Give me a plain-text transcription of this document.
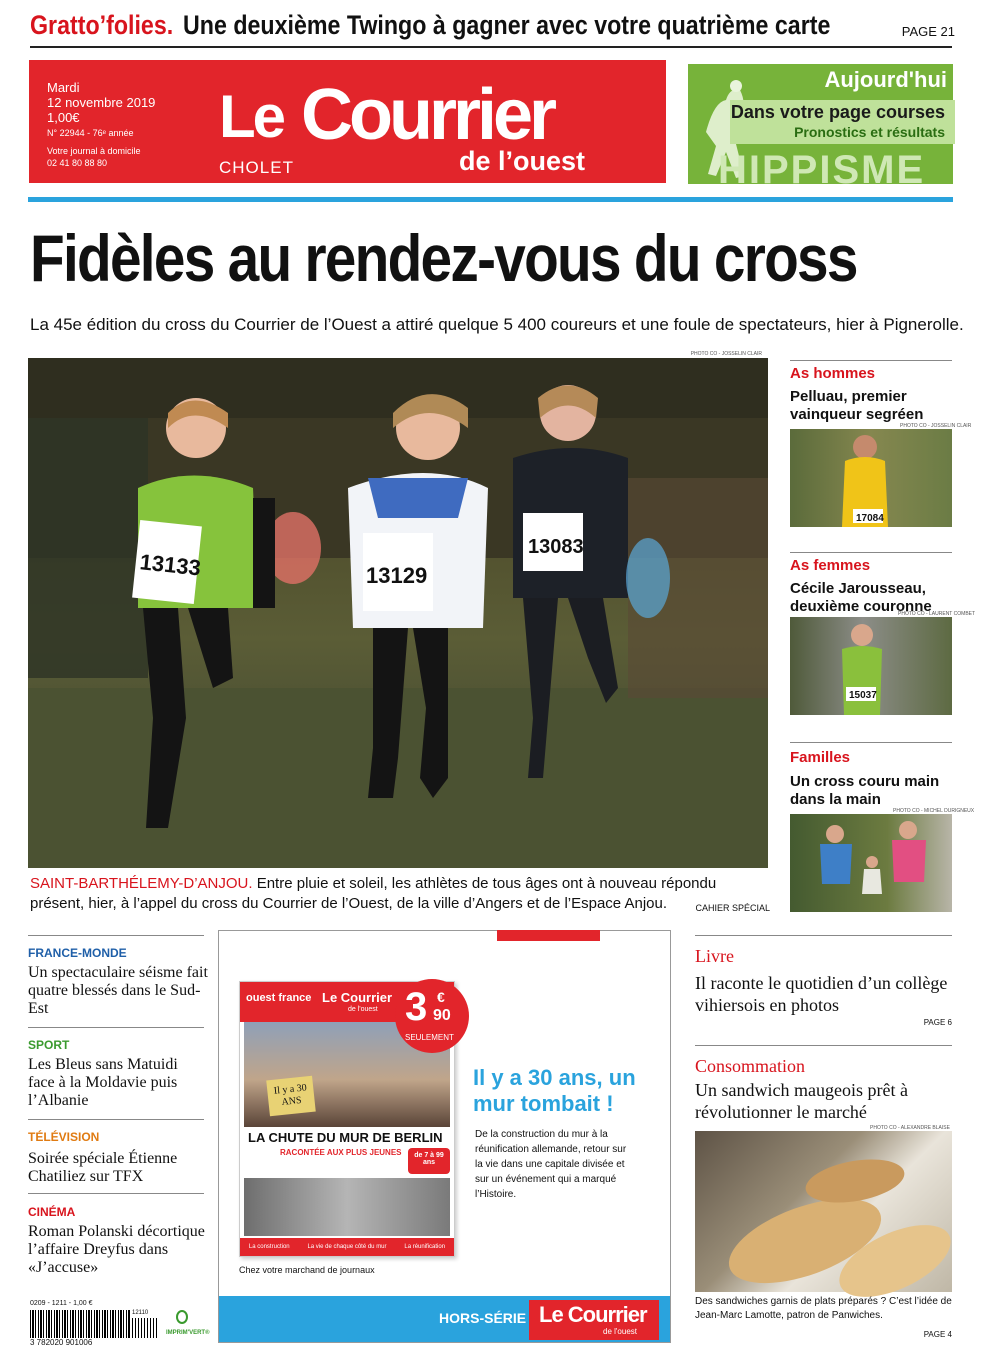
Gratto’folies. Une deuxième Twingo à gagner avec votre quatrième carte	PAGE 21
Mardi
12 novembre 2019
1,00€
N° 22944 - 76ᵉ année
Votre journal à domicile
02 41 80 88 80
Le Courrier
de l’ouest
CHOLET
Aujourd'hui
Dans votre page courses
Pronostics et résultats
HIPPISME
Fidèles au rendez-vous du cross

La 45e édition du cross du Courrier de l’Ouest a attiré quelque 5 400 coureurs et une foule de spectateurs, hier à Pignerolle.

13133	13129
13083
PHOTO CO - JOSSELIN CLAIR
SAINT-BARTHÉLEMY-D’ANJOU. Entre pluie et soleil, les athlètes de tous âges ont à nouveau répondu présent, hier, à l’appel du cross du Courrier de l’Ouest, de la ville d’Angers et de l’Espace Anjou.	CAHIER SPÉCIAL
As hommes
Pelluau, premier vainqueur segréen
PHOTO CO - JOSSELIN CLAIR
17084
As femmes
Cécile Jarousseau, deuxième couronne
PHOTO CO - LAURENT COMBET
15037
Familles
Un cross couru main dans la main
PHOTO CO - MICHEL DURIGNEUX
FRANCE-MONDE

Un spectaculaire séisme fait quatre blessés dans le Sud-Est

SPORT

Les Bleus sans Matuidi face à la Moldavie puis l’Albanie

TÉLÉVISION

Soirée spéciale Étienne Chatiliez sur TFX

CINÉMA

Roman Polanski décortique l’affaire Dreyfus dans «J’accuse»

ouest france Le Courrier
de l'ouest
Il y a 30 ANS
LA CHUTE DU MUR DE BERLIN
RACONTÉE AUX PLUS JEUNES	de 7 à 99 ans
La construction	La vie de chaque côté du mur	La réunification
3 €
90
SEULEMENT

Il y a 30 ans, un mur tombait !

De la construction du mur à la réunification allemande, retour sur la vie dans une capitale divisée et sur un événement qui a marqué l’Histoire.

Chez votre marchand de journaux
HORS-SÉRIE Le Courrier
de l'ouest
Livre

Il raconte le quotidien d’un collège vihiersois en photos

PAGE 6
Consommation

Un sandwich maugeois prêt à révolutionner le marché

PHOTO CO - ALEXANDRE BLAISE

Des sandwiches garnis de plats préparés ? C’est l’idée de Jean-Marc Lamotte, patron de Panwiches.

PAGE 4
0209 - 1211 - 1,00 €
12110
3 782020 901006
IMPRIM'VERT®
